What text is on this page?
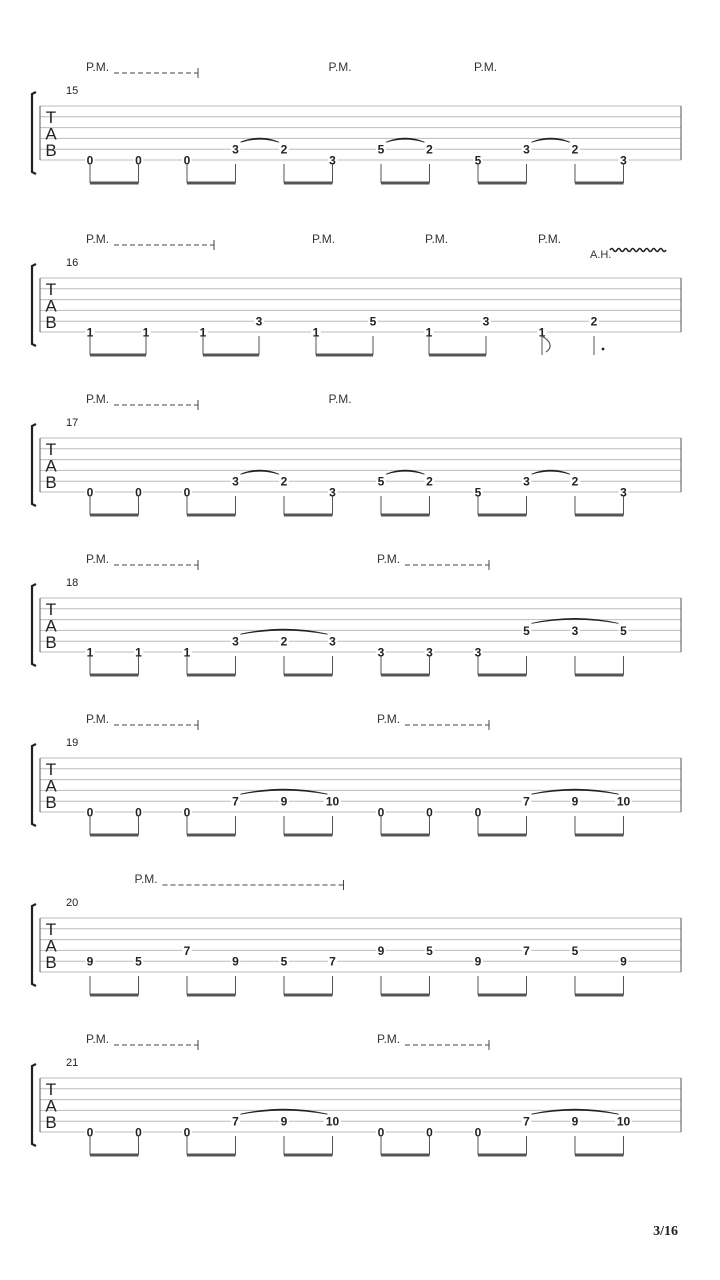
T
A
B
15
0	0	0
3	2
3
5	2
5
3	2
3
P.M.	P.M.	P.M.
T
A
B
16
1	1	1
3
1
5
1
3
1
2
P.M.	P.M.	P.M.	P.M.
A.H.
T
A
B
17
0	0	0
3	2
3
5	2
5
3	2
3
P.M.	P.M.
T
A
B
18
1	1	1
3	2	3
3	3	3
5	3	5
P.M.	P.M.
T
A
B
19
0	0	0
7	9	10
0	0	0
7	9	10
P.M.	P.M.
T
A
B
20
9	5
7
9	5	7
9	5
9
7	5
9
P.M.
T
A
B
21
0	0	0
7	9	10
0	0	0
7	9	10
P.M.	P.M.
3/16
